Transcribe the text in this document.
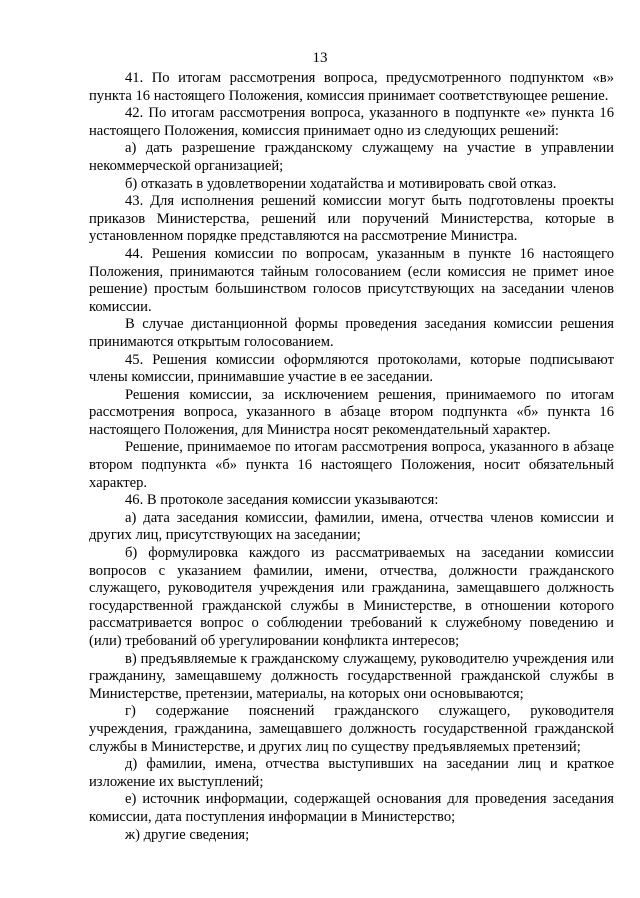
13

41. По итогам рассмотрения вопроса, предусмотренного подпунктом «в» пункта 16 настоящего Положения, комиссия принимает соответствующее решение.

42. По итогам рассмотрения вопроса, указанного в подпункте «е» пункта 16 настоящего Положения, комиссия принимает одно из следующих решений:

а) дать разрешение гражданскому служащему на участие в управлении некоммерческой организацией;

б) отказать в удовлетворении ходатайства и мотивировать свой отказ.

43. Для исполнения решений комиссии могут быть подготовлены проекты приказов Министерства, решений или поручений Министерства, которые в установленном порядке представляются на рассмотрение Министра.

44. Решения комиссии по вопросам, указанным в пункте 16 настоящего Положения, принимаются тайным голосованием (если комиссия не примет иное решение) простым большинством голосов присутствующих на заседании членов комиссии.

В случае дистанционной формы проведения заседания комиссии решения принимаются открытым голосованием.

45. Решения комиссии оформляются протоколами, которые подписывают члены комиссии, принимавшие участие в ее заседании.

Решения комиссии, за исключением решения, принимаемого по итогам рассмотрения вопроса, указанного в абзаце втором подпункта «б» пункта 16 настоящего Положения, для Министра носят рекомендательный характер.

Решение, принимаемое по итогам рассмотрения вопроса, указанного в абзаце втором подпункта «б» пункта 16 настоящего Положения, носит обязательный характер.

46. В протоколе заседания комиссии указываются:

а) дата заседания комиссии, фамилии, имена, отчества членов комиссии и других лиц, присутствующих на заседании;

б) формулировка каждого из рассматриваемых на заседании комиссии вопросов с указанием фамилии, имени, отчества, должности гражданского служащего, руководителя учреждения или гражданина, замещавшего должность государственной гражданской службы в Министерстве, в отношении которого рассматривается вопрос о соблюдении требований к служебному поведению и (или) требований об урегулировании конфликта интересов;

в) предъявляемые к гражданскому служащему, руководителю учреждения или гражданину, замещавшему должность государственной гражданской службы в Министерстве, претензии, материалы, на которых они основываются;

г) содержание пояснений гражданского служащего, руководителя учреждения, гражданина, замещавшего должность государственной гражданской службы в Министерстве, и других лиц по существу предъявляемых претензий;

д) фамилии, имена, отчества выступивших на заседании лиц и краткое изложение их выступлений;

е) источник информации, содержащей основания для проведения заседания комиссии, дата поступления информации в Министерство;

ж) другие сведения;
